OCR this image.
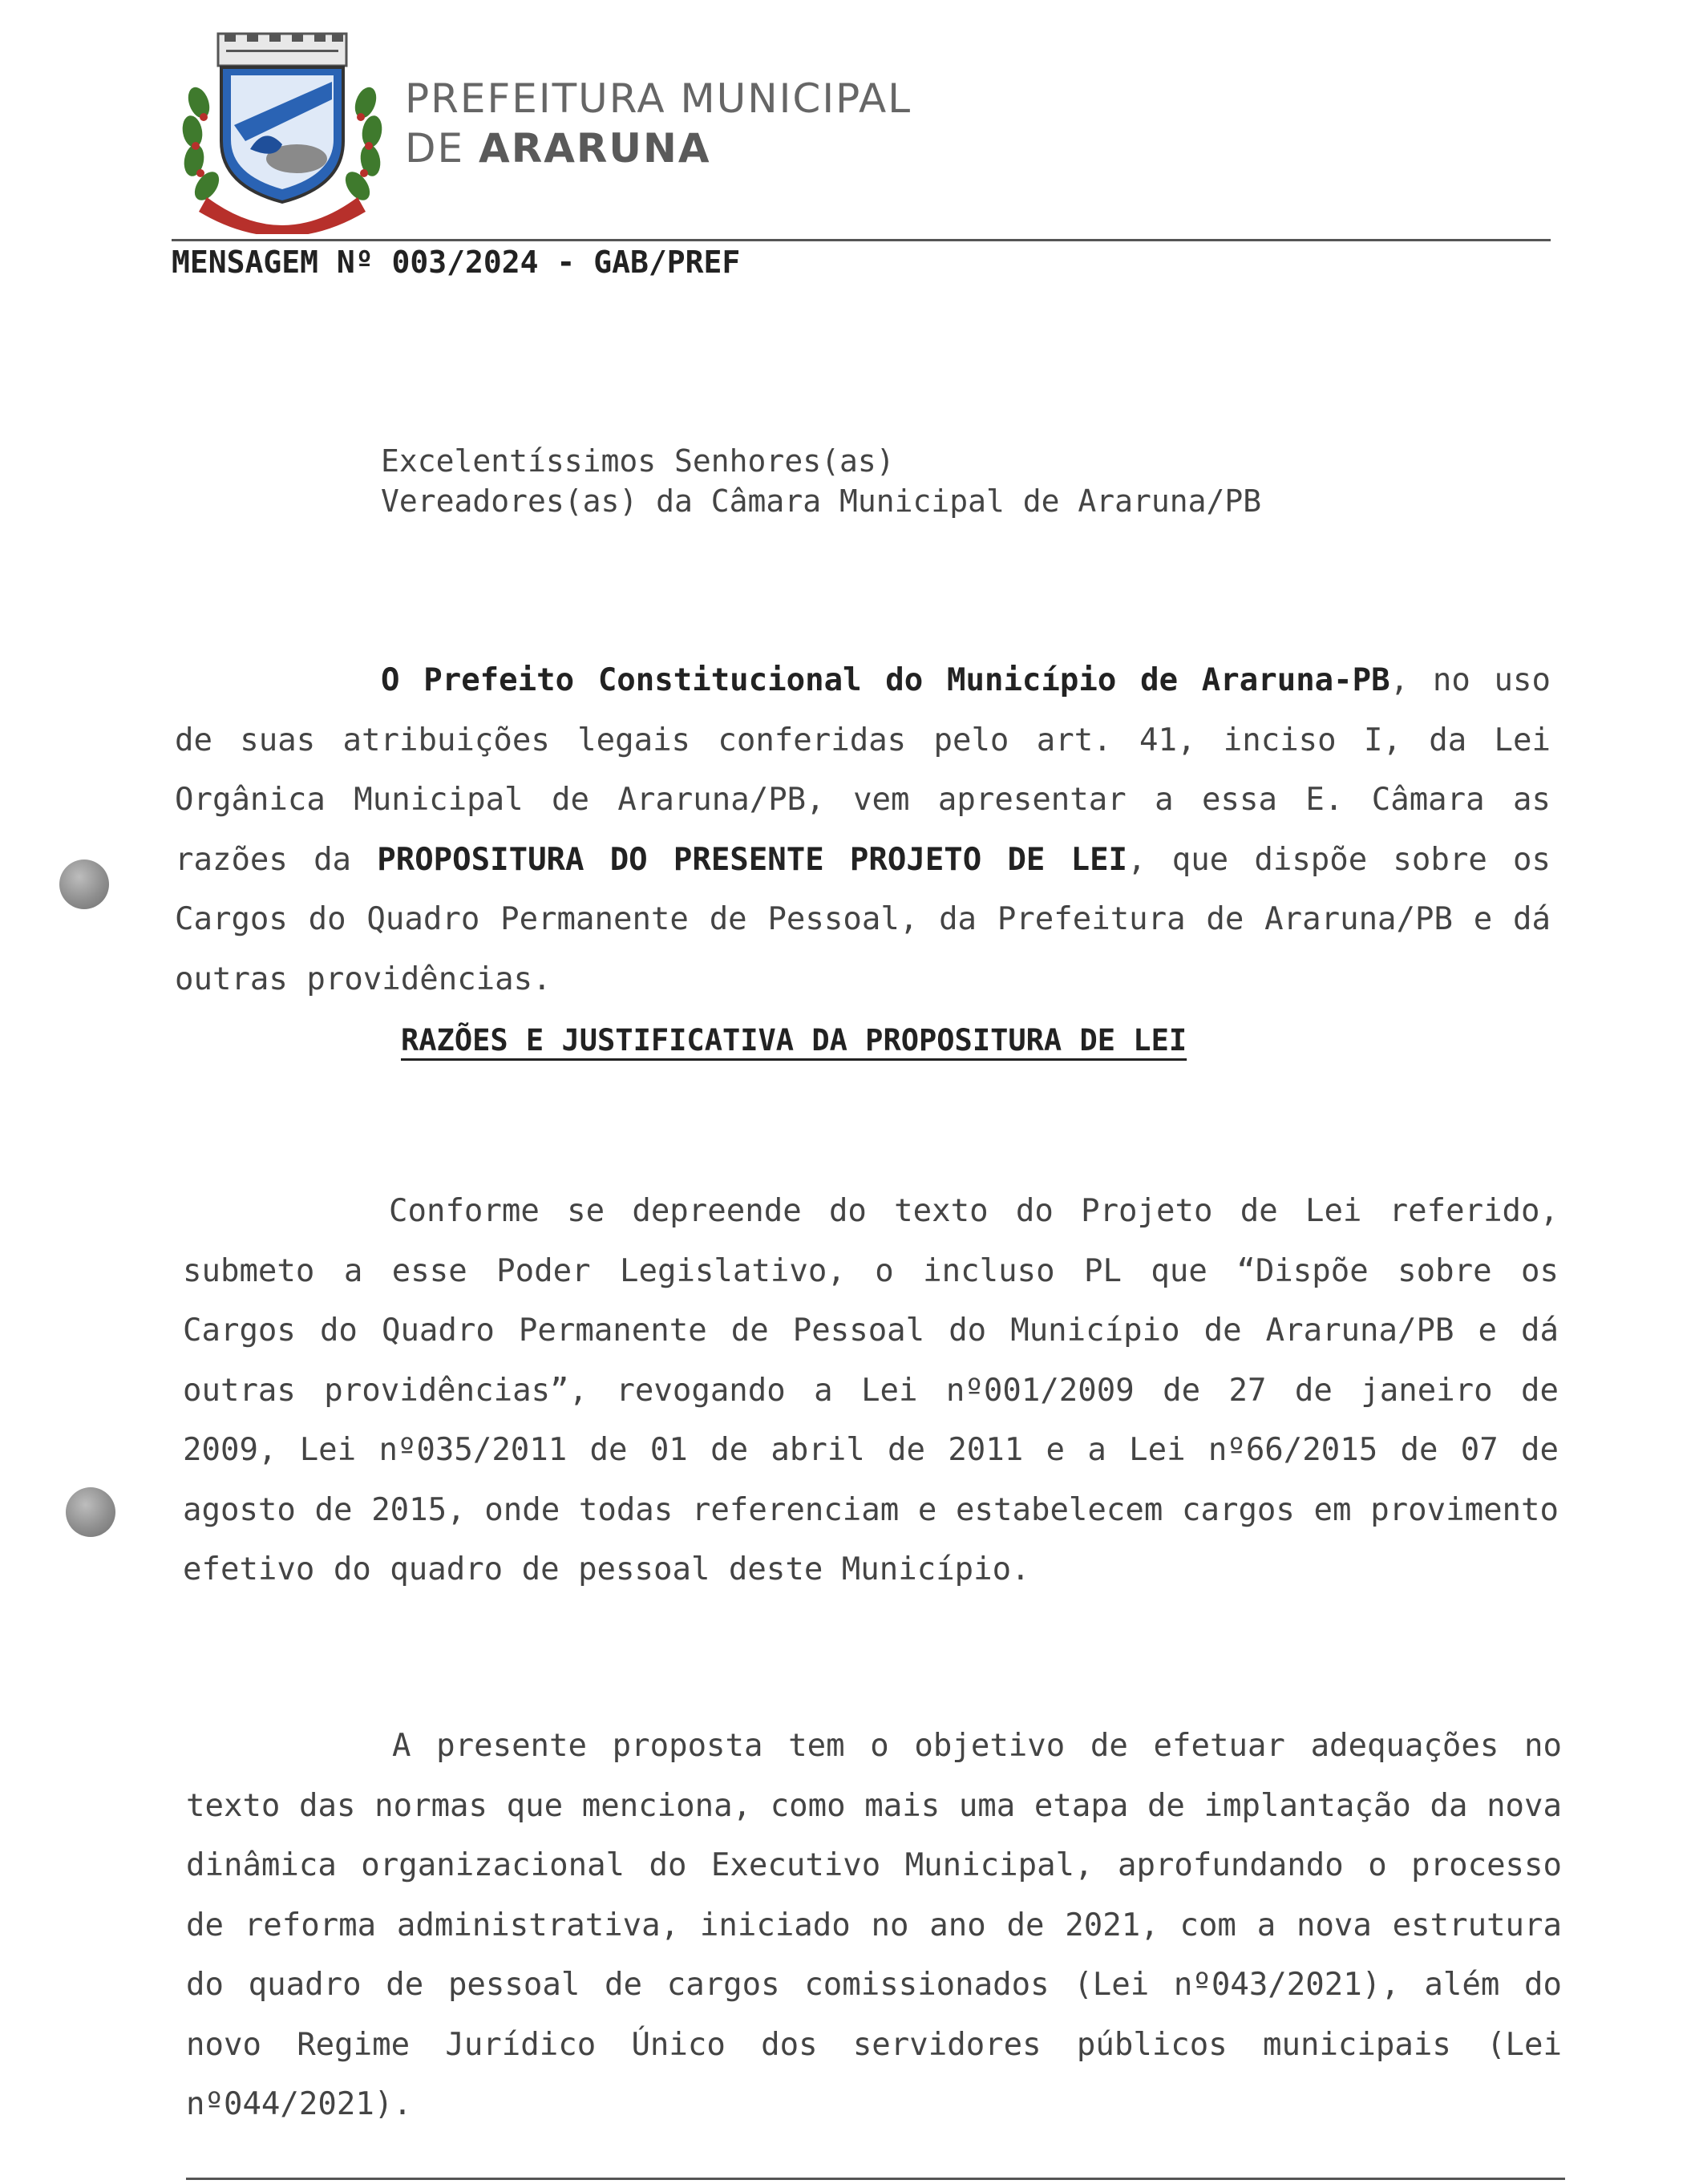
ARARUNA
PREFEITURA MUNICIPAL
DE ARARUNA
MENSAGEM Nº 003/2024 - GAB/PREF
Excelentíssimos Senhores(as)
Vereadores(as) da Câmara Municipal de Araruna/PB
O Prefeito Constitucional do Município de Araruna-PB, no uso de suas atribuições legais conferidas pelo art. 41, inciso I, da Lei Orgânica Municipal de Araruna/PB, vem apresentar a essa E. Câmara as razões da PROPOSITURA DO PRESENTE PROJETO DE LEI, que dispõe sobre os Cargos do Quadro Permanente de Pessoal, da Prefeitura de Araruna/PB e dá outras providências.
RAZÕES E JUSTIFICATIVA DA PROPOSITURA DE LEI
Conforme se depreende do texto do Projeto de Lei referido, submeto a esse Poder Legislativo, o incluso PL que “Dispõe sobre os Cargos do Quadro Permanente de Pessoal do Município de Araruna/PB e dá outras providências”, revogando a Lei nº001/2009 de 27 de janeiro de 2009, Lei nº035/2011 de 01 de abril de 2011 e a Lei nº66/2015 de 07 de agosto de 2015, onde todas referenciam e estabelecem cargos em provimento efetivo do quadro de pessoal deste Município.
A presente proposta tem o objetivo de efetuar adequações no texto das normas que menciona, como mais uma etapa de implantação da nova dinâmica organizacional do Executivo Municipal, aprofundando o processo de reforma administrativa, iniciado no ano de 2021, com a nova estrutura do quadro de pessoal de cargos comissionados (Lei nº043/2021), além do novo Regime Jurídico Único dos servidores públicos municipais (Lei nº044/2021).
